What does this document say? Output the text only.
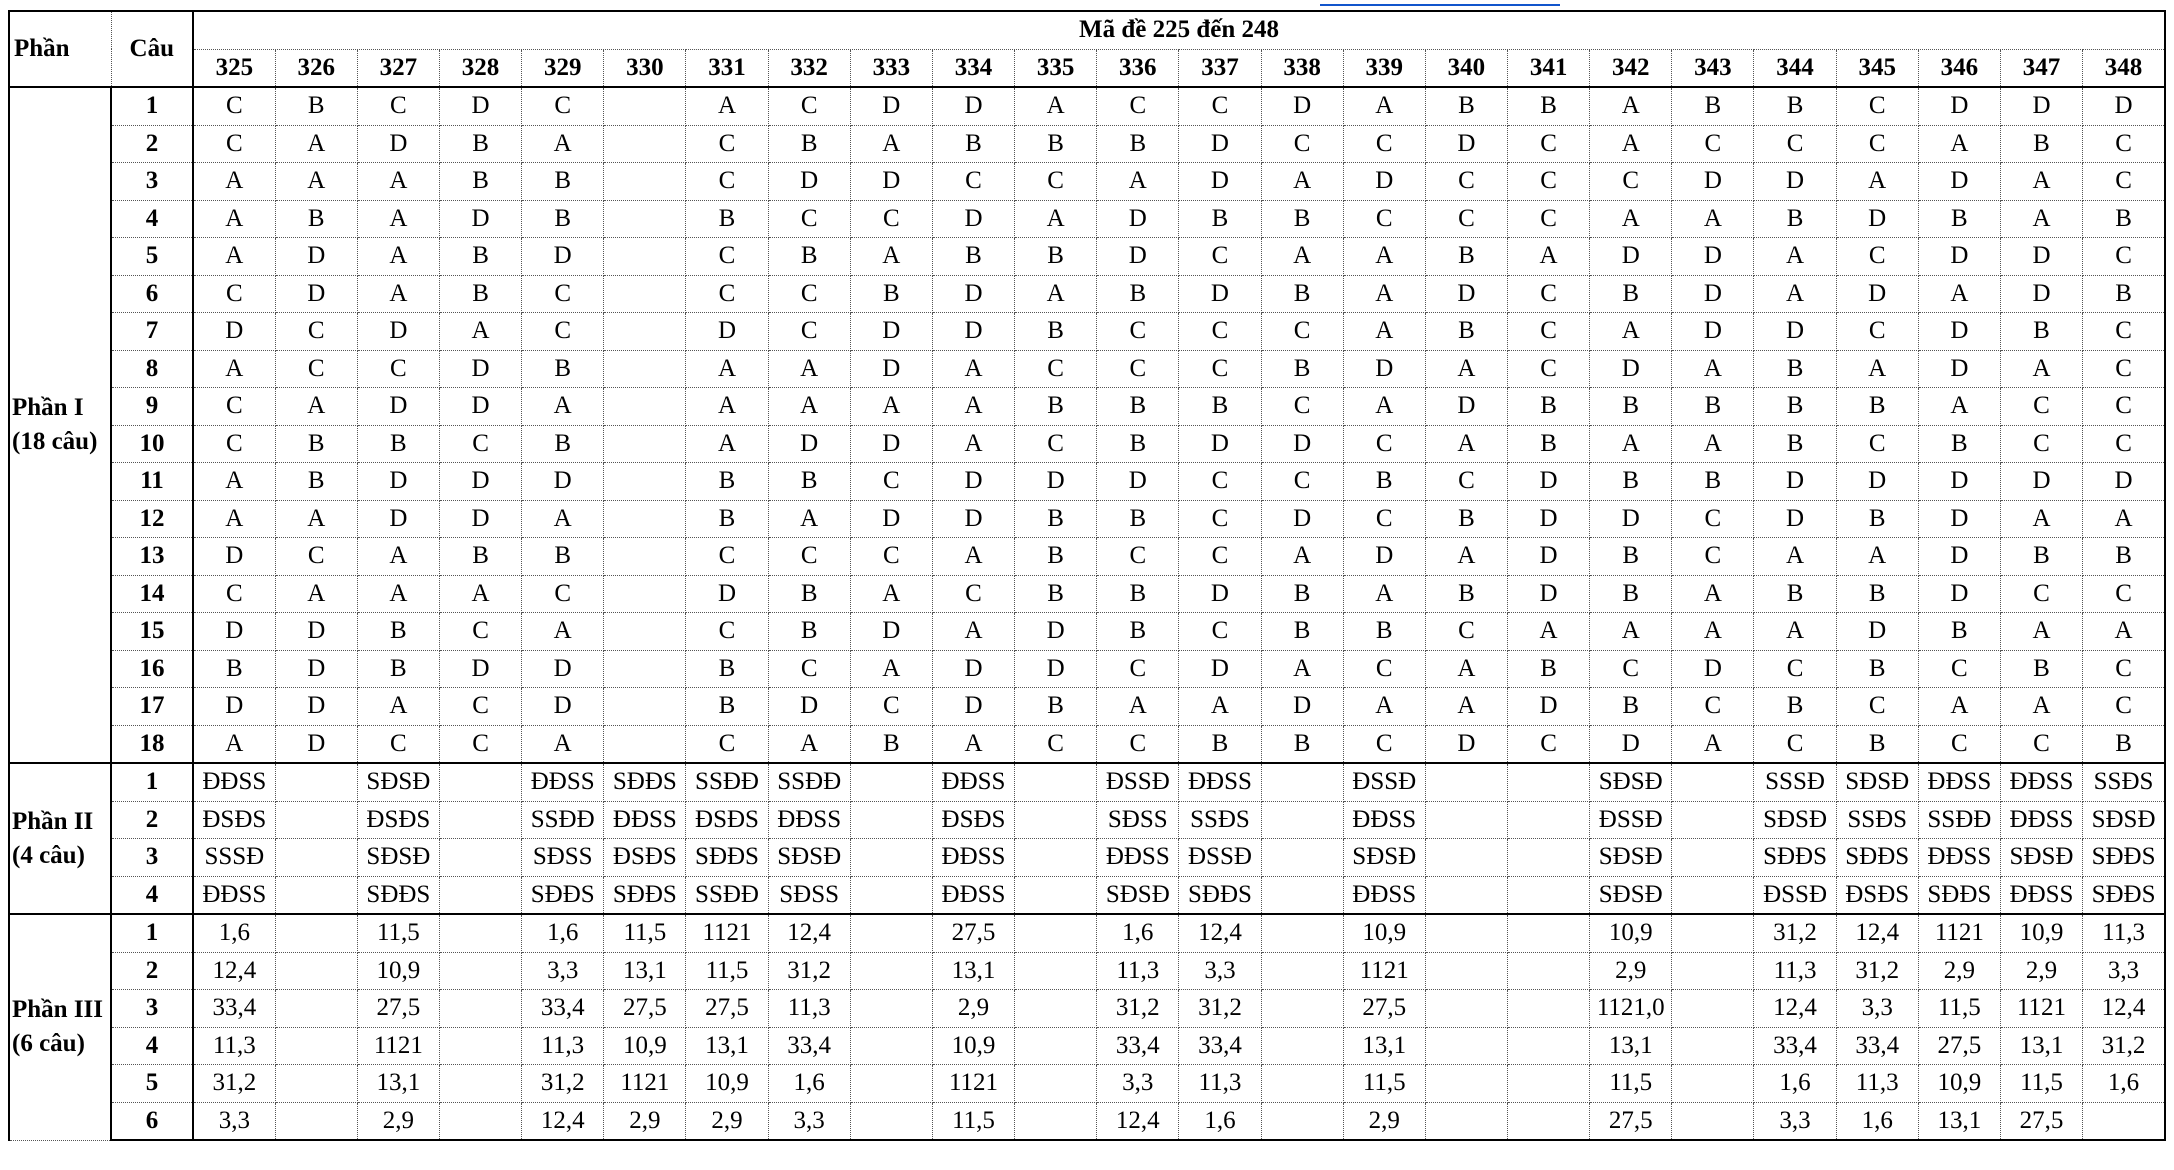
Phần	Câu	Mã đề 225 đến 248																							
		325	326	327	328	329	330	331	332	333	334	335	336	337	338	339	340	341	342	343	344	345	346	347	348

Phần I
(18 câu)	1	C	B	C	D	C		A	C	D	D	A	C	C	D	A	B	B	A	B	B	C	D	D	D
	2	C	A	D	B	A		C	B	A	B	B	B	D	C	C	D	C	A	C	C	C	A	B	C
	3	A	A	A	B	B		C	D	D	C	C	A	D	A	D	C	C	C	D	D	A	D	A	C
	4	A	B	A	D	B		B	C	C	D	A	D	B	B	C	C	C	A	A	B	D	B	A	B
	5	A	D	A	B	D		C	B	A	B	B	D	C	A	A	B	A	D	D	A	C	D	D	C
	6	C	D	A	B	C		C	C	B	D	A	B	D	B	A	D	C	B	D	A	D	A	D	B
	7	D	C	D	A	C		D	C	D	D	B	C	C	C	A	B	C	A	D	D	C	D	B	C
	8	A	C	C	D	B		A	A	D	A	C	C	C	B	D	A	C	D	A	B	A	D	A	C
	9	C	A	D	D	A		A	A	A	A	B	B	B	C	A	D	B	B	B	B	B	A	C	C
	10	C	B	B	C	B		A	D	D	A	C	B	D	D	C	A	B	A	A	B	C	B	C	C
	11	A	B	D	D	D		B	B	C	D	D	D	C	C	B	C	D	B	B	D	D	D	D	D
	12	A	A	D	D	A		B	A	D	D	B	B	C	D	C	B	D	D	C	D	B	D	A	A
	13	D	C	A	B	B		C	C	C	A	B	C	C	A	D	A	D	B	C	A	A	D	B	B
	14	C	A	A	A	C		D	B	A	C	B	B	D	B	A	B	D	B	A	B	B	D	C	C
	15	D	D	B	C	A		C	B	D	A	D	B	C	B	B	C	A	A	A	A	D	B	A	A
	16	B	D	B	D	D		B	C	A	D	D	C	D	A	C	A	B	C	D	C	B	C	B	C
	17	D	D	A	C	D		B	D	C	D	B	A	A	D	A	A	D	B	C	B	C	A	A	C
	18	A	D	C	C	A		C	A	B	A	C	C	B	B	C	D	C	D	A	C	B	C	C	B

Phần II
(4 câu)	1	ĐĐSS		SĐSĐ		ĐĐSS	SĐĐS	SSĐĐ	SSĐĐ		ĐĐSS		ĐSSĐ	ĐĐSS		ĐSSĐ			SĐSĐ		SSSĐ	SĐSĐ	ĐĐSS	ĐĐSS	SSĐS
	2	ĐSĐS		ĐSĐS		SSĐĐ	ĐĐSS	ĐSĐS	ĐĐSS		ĐSĐS		SĐSS	SSĐS		ĐĐSS			ĐSSĐ		SĐSĐ	SSĐS	SSĐĐ	ĐĐSS	SĐSĐ
	3	SSSĐ		SĐSĐ		SĐSS	ĐSĐS	SĐĐS	SĐSĐ		ĐĐSS		ĐĐSS	ĐSSĐ		SĐSĐ			SĐSĐ		SĐĐS	SĐĐS	ĐĐSS	SĐSĐ	SĐĐS
	4	ĐĐSS		SĐĐS		SĐĐS	SĐĐS	SSĐĐ	SĐSS		ĐĐSS		SĐSĐ	SĐĐS		ĐĐSS			SĐSĐ		ĐSSĐ	ĐSĐS	SĐĐS	ĐĐSS	SĐĐS

Phần III
(6 câu)	1	1,6		11,5		1,6	11,5	1121	12,4		27,5		1,6	12,4		10,9			10,9		31,2	12,4	1121	10,9	11,3
	2	12,4		10,9		3,3	13,1	11,5	31,2		13,1		11,3	3,3		1121			2,9		11,3	31,2	2,9	2,9	3,3
	3	33,4		27,5		33,4	27,5	27,5	11,3		2,9		31,2	31,2		27,5			1121,0		12,4	3,3	11,5	1121	12,4
	4	11,3		1121		11,3	10,9	13,1	33,4		10,9		33,4	33,4		13,1			13,1		33,4	33,4	27,5	13,1	31,2
	5	31,2		13,1		31,2	1121	10,9	1,6		1121		3,3	11,3		11,5			11,5		1,6	11,3	10,9	11,5	1,6
	6	3,3		2,9		12,4	2,9	2,9	3,3		11,5		12,4	1,6		2,9			27,5		3,3	1,6	13,1	27,5	
